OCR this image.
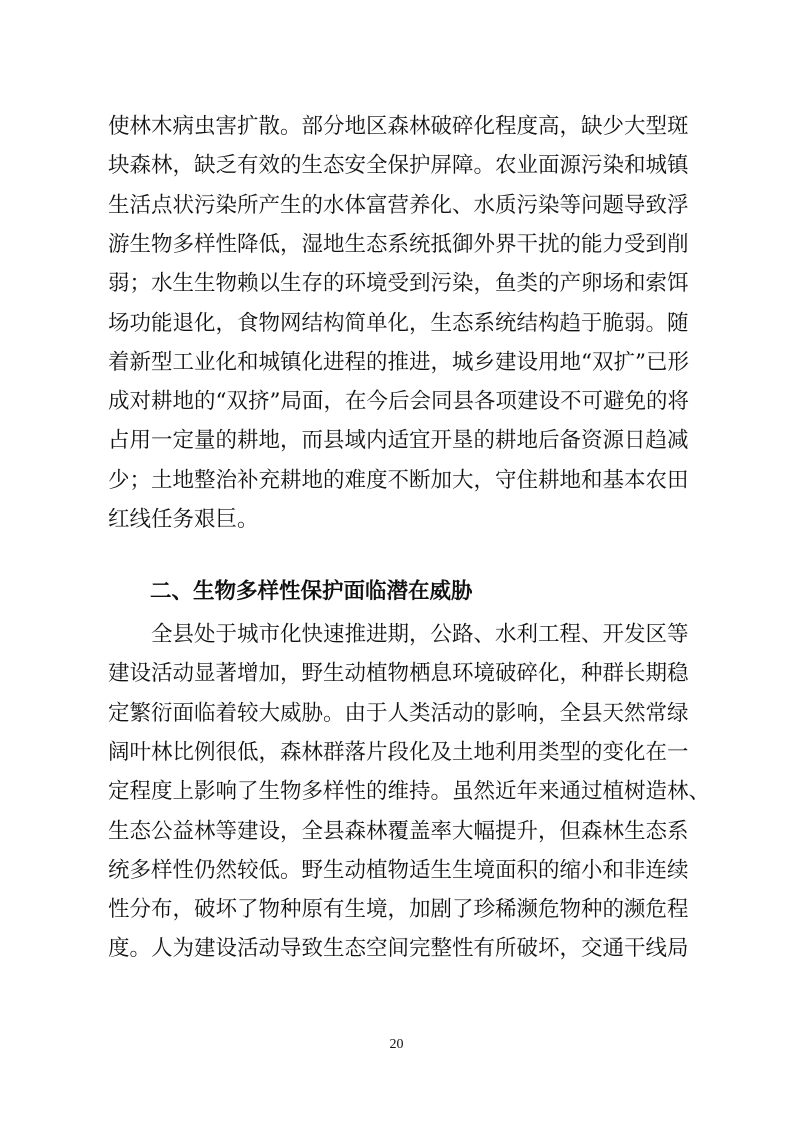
使林木病虫害扩散。部分地区森林破碎化程度高，缺少大型斑
块森林，缺乏有效的生态安全保护屏障。农业面源污染和城镇
生活点状污染所产生的水体富营养化、水质污染等问题导致浮
游生物多样性降低，湿地生态系统抵御外界干扰的能力受到削
弱；水生生物赖以生存的环境受到污染，鱼类的产卵场和索饵
场功能退化，食物网结构简单化，生态系统结构趋于脆弱。随
着新型工业化和城镇化进程的推进，城乡建设用地“双扩”已形
成对耕地的“双挤”局面，在今后会同县各项建设不可避免的将
占用一定量的耕地，而县域内适宜开垦的耕地后备资源日趋减
少；土地整治补充耕地的难度不断加大，守住耕地和基本农田
红线任务艰巨。
二、生物多样性保护面临潜在威胁
全县处于城市化快速推进期，公路、水利工程、开发区等
建设活动显著增加，野生动植物栖息环境破碎化，种群长期稳
定繁衍面临着较大威胁。由于人类活动的影响，全县天然常绿
阔叶林比例很低，森林群落片段化及土地利用类型的变化在一
定程度上影响了生物多样性的维持。虽然近年来通过植树造林、
生态公益林等建设，全县森林覆盖率大幅提升，但森林生态系
统多样性仍然较低。野生动植物适生生境面积的缩小和非连续
性分布，破坏了物种原有生境，加剧了珍稀濒危物种的濒危程
度。人为建设活动导致生态空间完整性有所破坏，交通干线局
20
